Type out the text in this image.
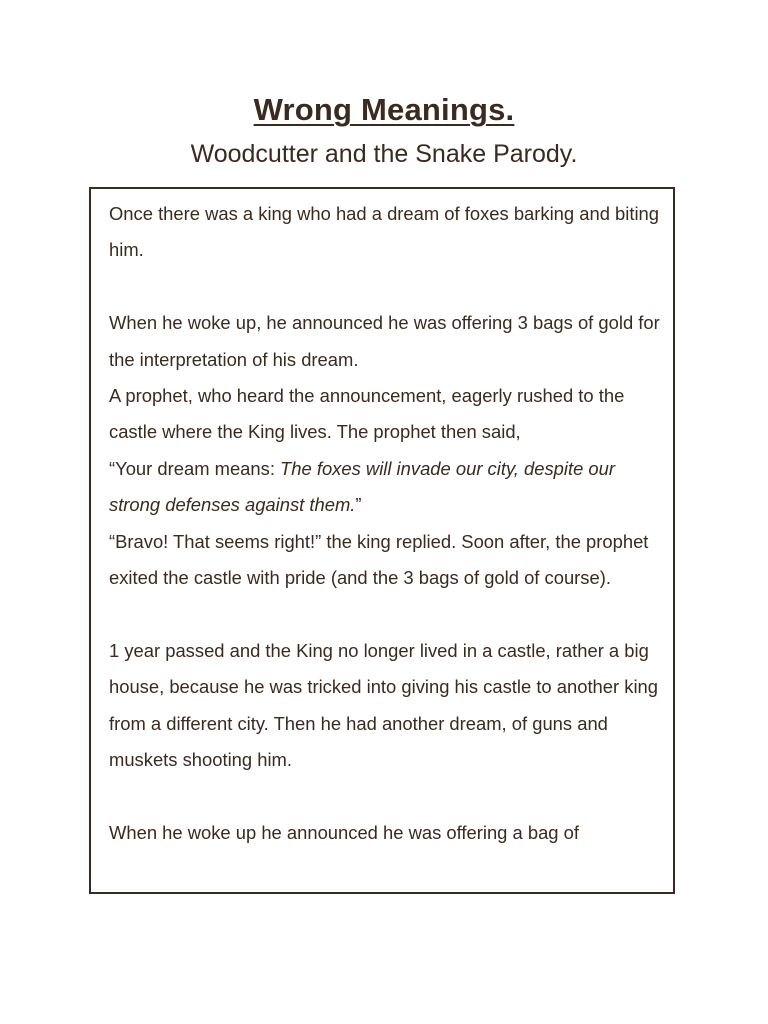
Wrong Meanings.
Woodcutter and the Snake Parody.

Once there was a king who had a dream of foxes barking and biting him.

When he woke up, he announced he was offering 3 bags of gold for the interpretation of his dream.

A prophet, who heard the announcement, eagerly rushed to the castle where the King lives. The prophet then said,

“Your dream means: The foxes will invade our city, despite our strong defenses against them.”

“Bravo! That seems right!” the king replied. Soon after, the prophet exited the castle with pride (and the 3 bags of gold of course).

1 year passed and the King no longer lived in a castle, rather a big house, because he was tricked into giving his castle to another king from a different city. Then he had another dream, of guns and muskets shooting him.

When he woke up he announced he was offering a bag of
